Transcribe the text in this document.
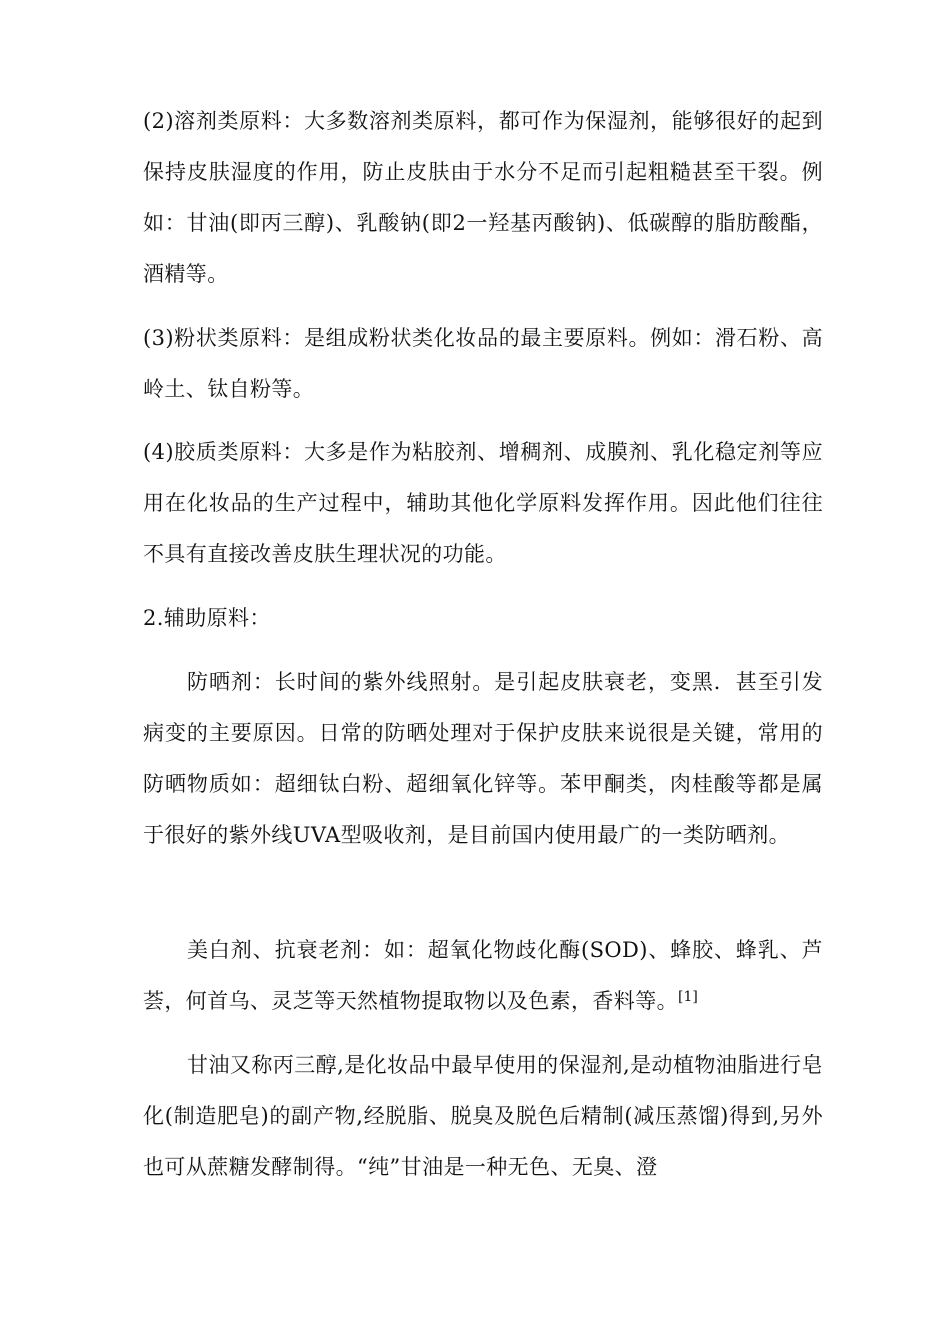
(2)溶剂类原料：大多数溶剂类原料，都可作为保湿剂，能够很好的起到保持皮肤湿度的作用，防止皮肤由于水分不足而引起粗糙甚至干裂。例如：甘油(即丙三醇)、乳酸钠(即2一羟基丙酸钠)、低碳醇的脂肪酸酯，酒精等。

(3)粉状类原料：是组成粉状类化妆品的最主要原料。例如：滑石粉、高岭土、钛自粉等。

(4)胶质类原料：大多是作为粘胶剂、增稠剂、成膜剂、乳化稳定剂等应用在化妆品的生产过程中，辅助其他化学原料发挥作用。因此他们往往不具有直接改善皮肤生理状况的功能。

2.辅助原料：

防晒剂：长时间的紫外线照射。是引起皮肤衰老，变黑．甚至引发病变的主要原因。日常的防晒处理对于保护皮肤来说很是关键，常用的防晒物质如：超细钛白粉、超细氧化锌等。苯甲酮类，肉桂酸等都是属于很好的紫外线UVA型吸收剂，是目前国内使用最广的一类防晒剂。

美白剂、抗衰老剂：如：超氧化物歧化酶(SOD)、蜂胶、蜂乳、芦荟，何首乌、灵芝等天然植物提取物以及色素，香料等。[1]

甘油又称丙三醇,是化妆品中最早使用的保湿剂,是动植物油脂进行皂化(制造肥皂)的副产物,经脱脂、脱臭及脱色后精制(减压蒸馏)得到,另外也可从蔗糖发酵制得。“纯”甘油是一种无色、无臭、澄
